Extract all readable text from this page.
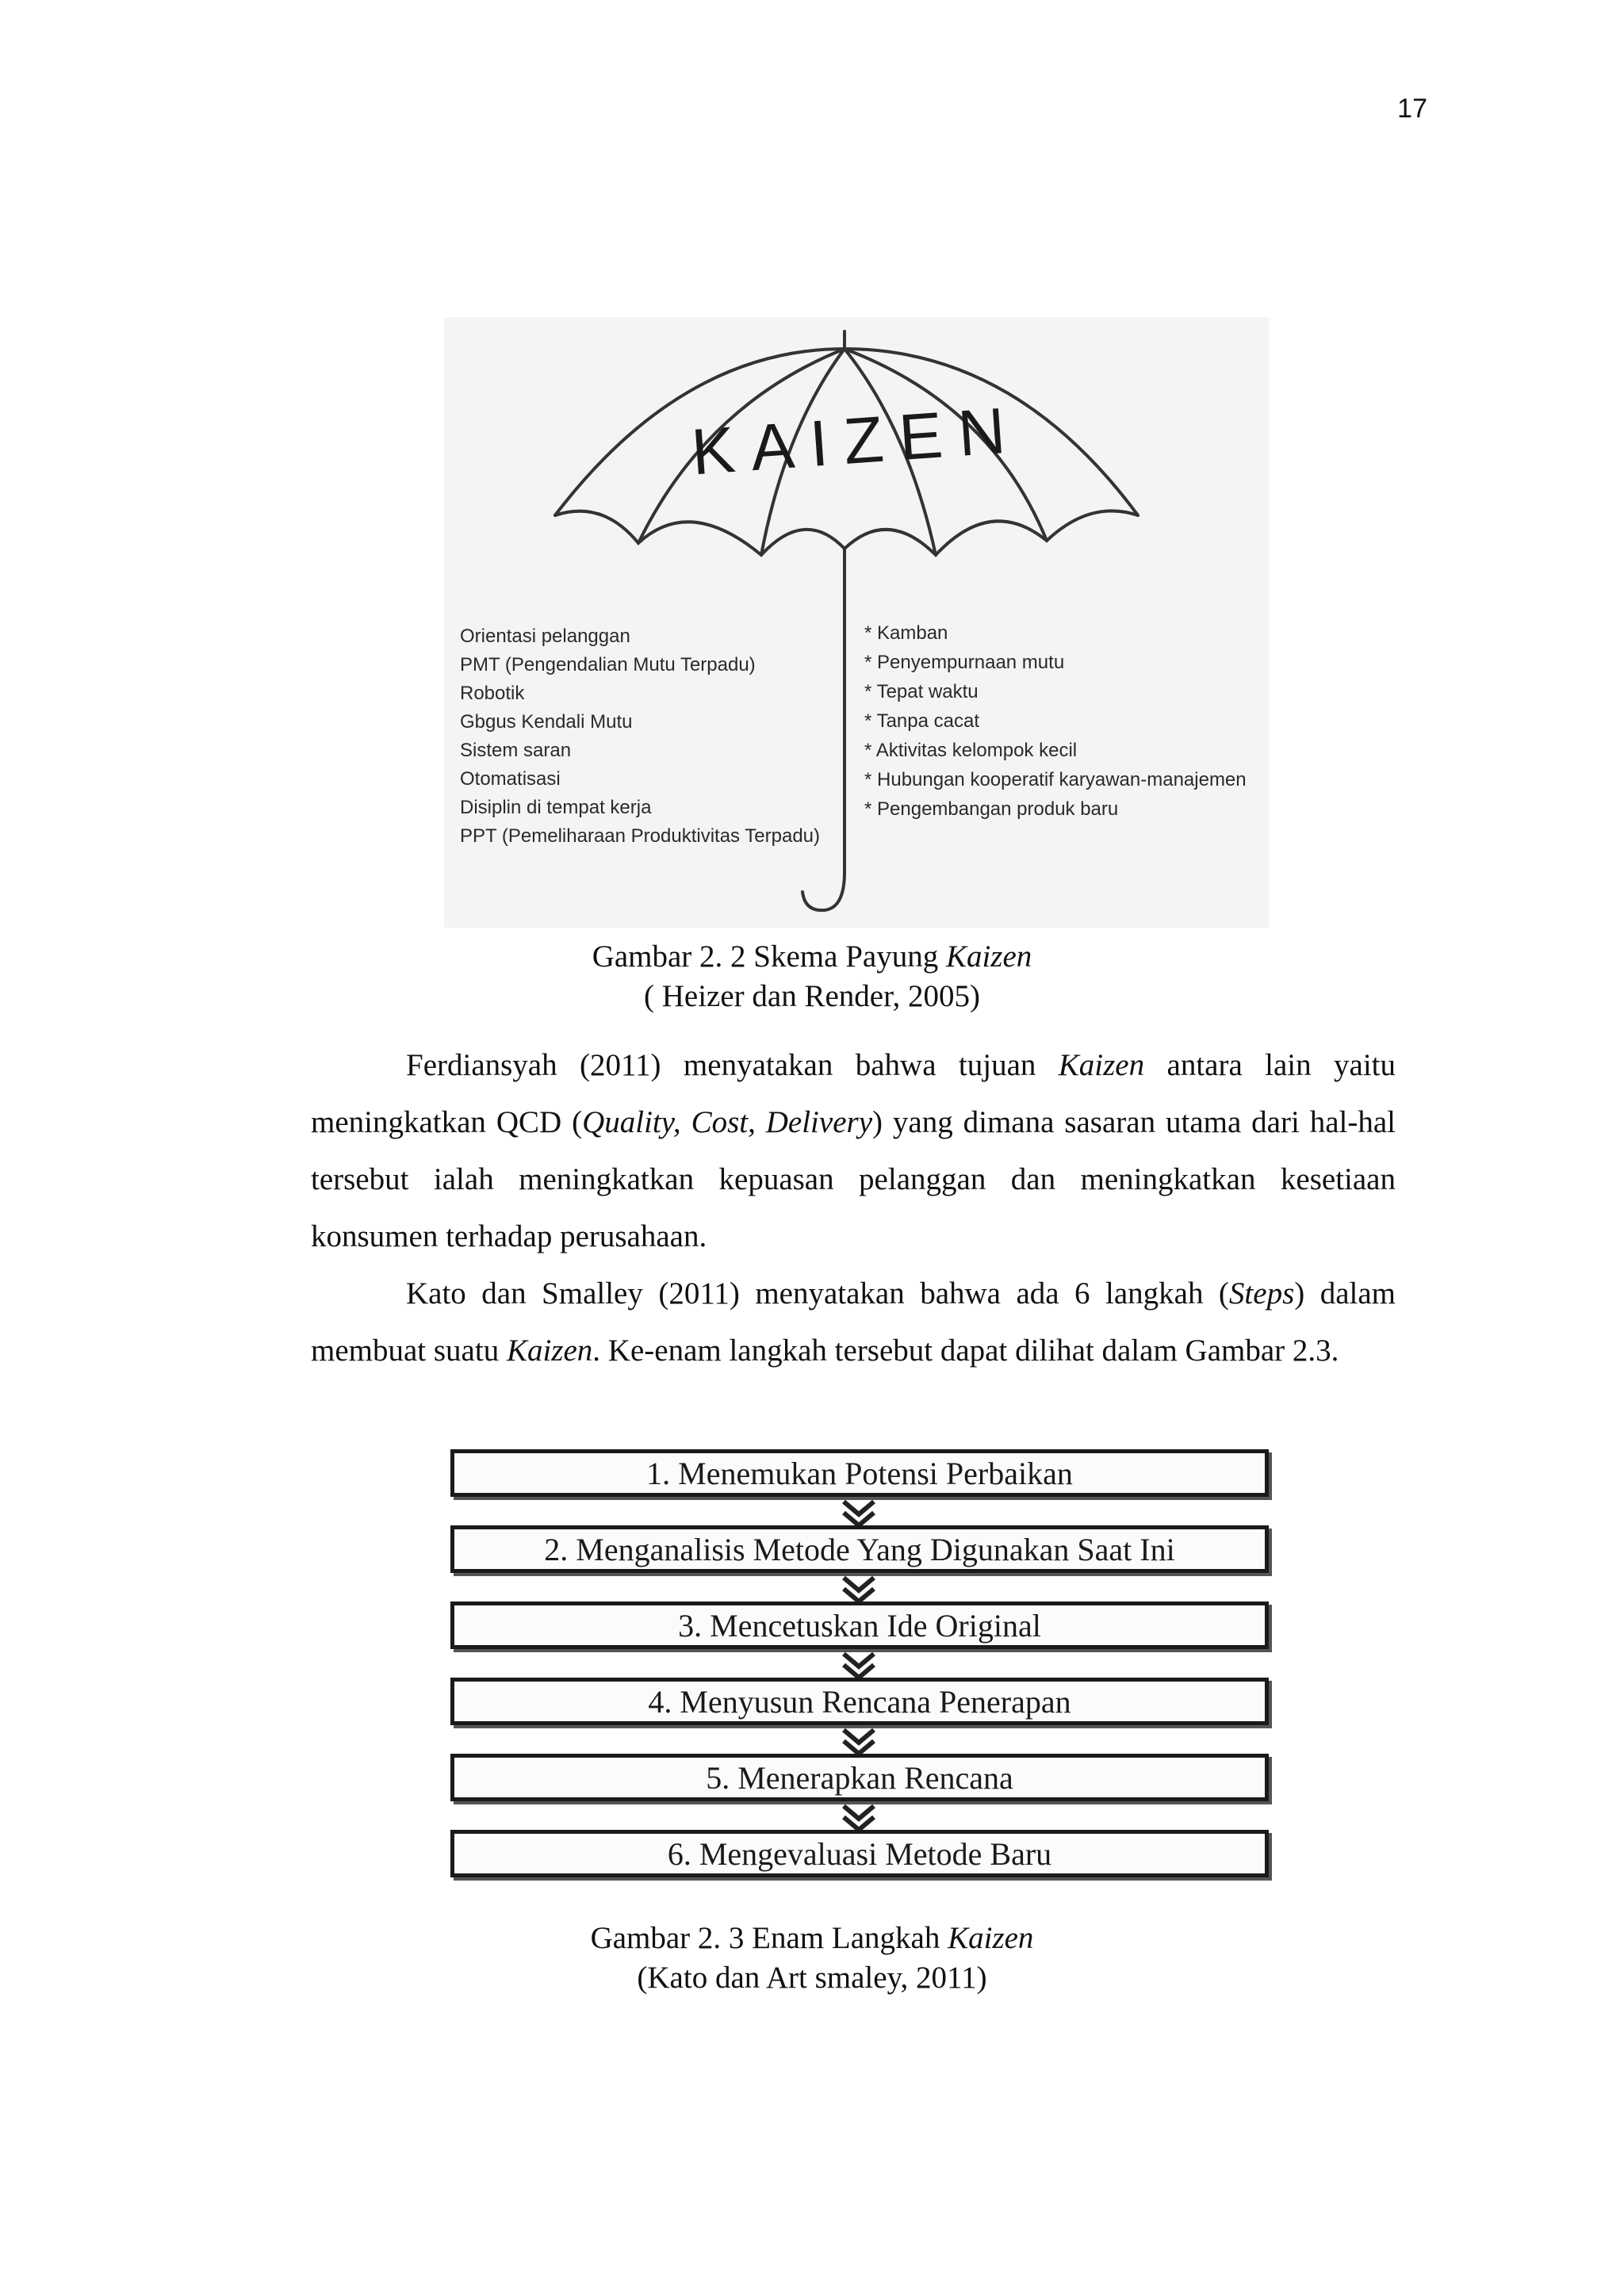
17
KAIZEN
Orientasi pelanggan
PMT (Pengendalian Mutu Terpadu)
Robotik
Gbgus Kendali Mutu
Sistem saran
Otomatisasi
Disiplin di tempat kerja
PPT (Pemeliharaan Produktivitas Terpadu)
* Kamban
* Penyempurnaan mutu
* Tepat waktu
* Tanpa cacat
* Aktivitas kelompok kecil
* Hubungan kooperatif karyawan-manajemen
* Pengembangan produk baru
Gambar 2. 2 Skema Payung Kaizen
( Heizer dan Render, 2005)

Ferdiansyah (2011) menyatakan bahwa tujuan Kaizen antara lain yaitu meningkatkan QCD (Quality, Cost, Delivery) yang dimana sasaran utama dari hal-hal tersebut ialah meningkatkan kepuasan pelanggan dan meningkatkan kesetiaan konsumen terhadap perusahaan.

Kato dan Smalley (2011) menyatakan bahwa ada 6 langkah (Steps) dalam membuat suatu Kaizen. Ke-enam langkah tersebut dapat dilihat dalam Gambar 2.3.

1. Menemukan Potensi Perbaikan
2. Menganalisis Metode Yang Digunakan Saat Ini
3. Mencetuskan Ide Original
4. Menyusun Rencana Penerapan
5. Menerapkan Rencana
6. Mengevaluasi Metode Baru
Gambar 2. 3 Enam Langkah Kaizen
(Kato dan Art smaley, 2011)
